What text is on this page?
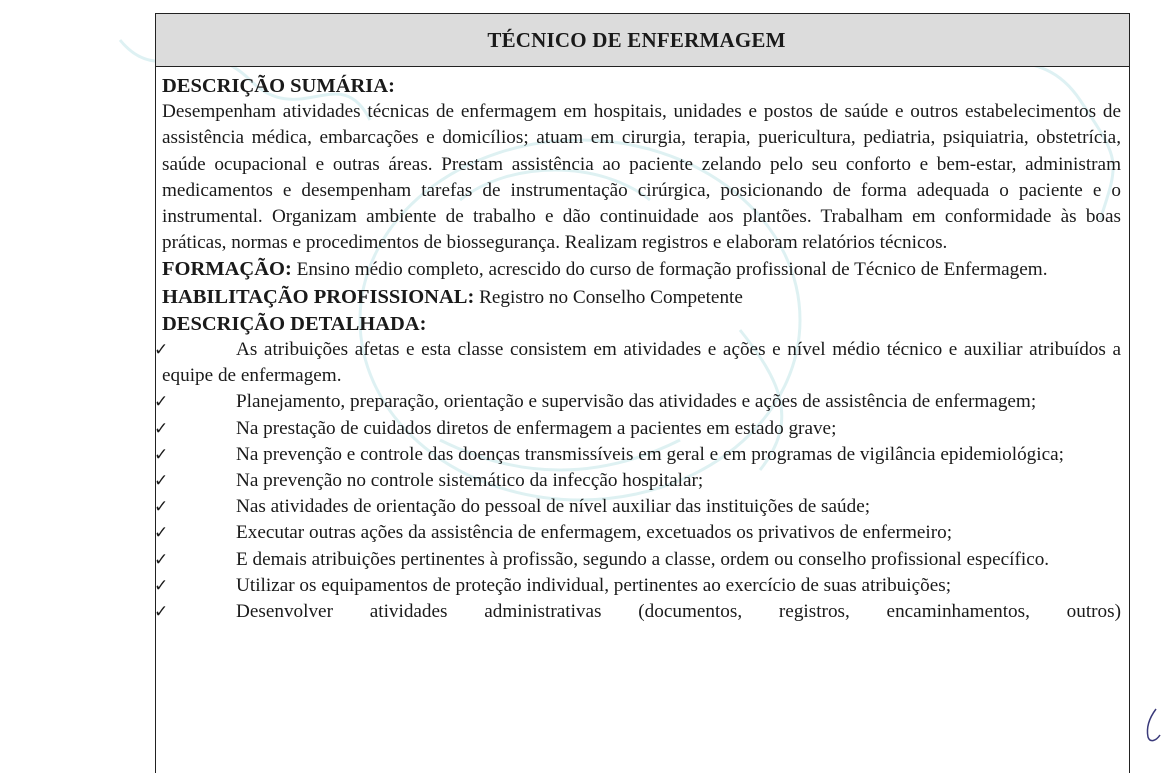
TÉCNICO DE ENFERMAGEM
DESCRIÇÃO SUMÁRIA:
Desempenham atividades técnicas de enfermagem em hospitais, unidades e postos de saúde e outros estabelecimentos de assistência médica, embarcações e domicílios; atuam em cirurgia, terapia, puericultura, pediatria, psiquiatria, obstetrícia, saúde ocupacional e outras áreas. Prestam assistência ao paciente zelando pelo seu conforto e bem-estar, administram medicamentos e desempenham tarefas de instrumentação cirúrgica, posicionando de forma adequada o paciente e o instrumental. Organizam ambiente de trabalho e dão continuidade aos plantões. Trabalham em conformidade às boas práticas, normas e procedimentos de biossegurança. Realizam registros e elaboram relatórios técnicos.
FORMAÇÃO: Ensino médio completo, acrescido do curso de formação profissional de Técnico de Enfermagem.
HABILITAÇÃO PROFISSIONAL: Registro no Conselho Competente
DESCRIÇÃO DETALHADA:
✓	As atribuições afetas e esta classe consistem em atividades e ações e nível médio técnico e auxiliar atribuídos a equipe de enfermagem.
✓	Planejamento, preparação, orientação e supervisão das atividades e ações de assistência de enfermagem;
✓	Na prestação de cuidados diretos de enfermagem a pacientes em estado grave;
✓	Na prevenção e controle das doenças transmissíveis em geral e em programas de vigilância epidemiológica;
✓	Na prevenção no controle sistemático da infecção hospitalar;
✓	Nas atividades de orientação do pessoal de nível auxiliar das instituições de saúde;
✓	Executar outras ações da assistência de enfermagem, excetuados os privativos de enfermeiro;
✓	E demais atribuições pertinentes à profissão, segundo a classe, ordem ou conselho profissional específico.
✓	Utilizar os equipamentos de proteção individual, pertinentes ao exercício de suas atribuições;
✓	Desenvolver atividades administrativas (documentos, registros, encaminhamentos, outros)
